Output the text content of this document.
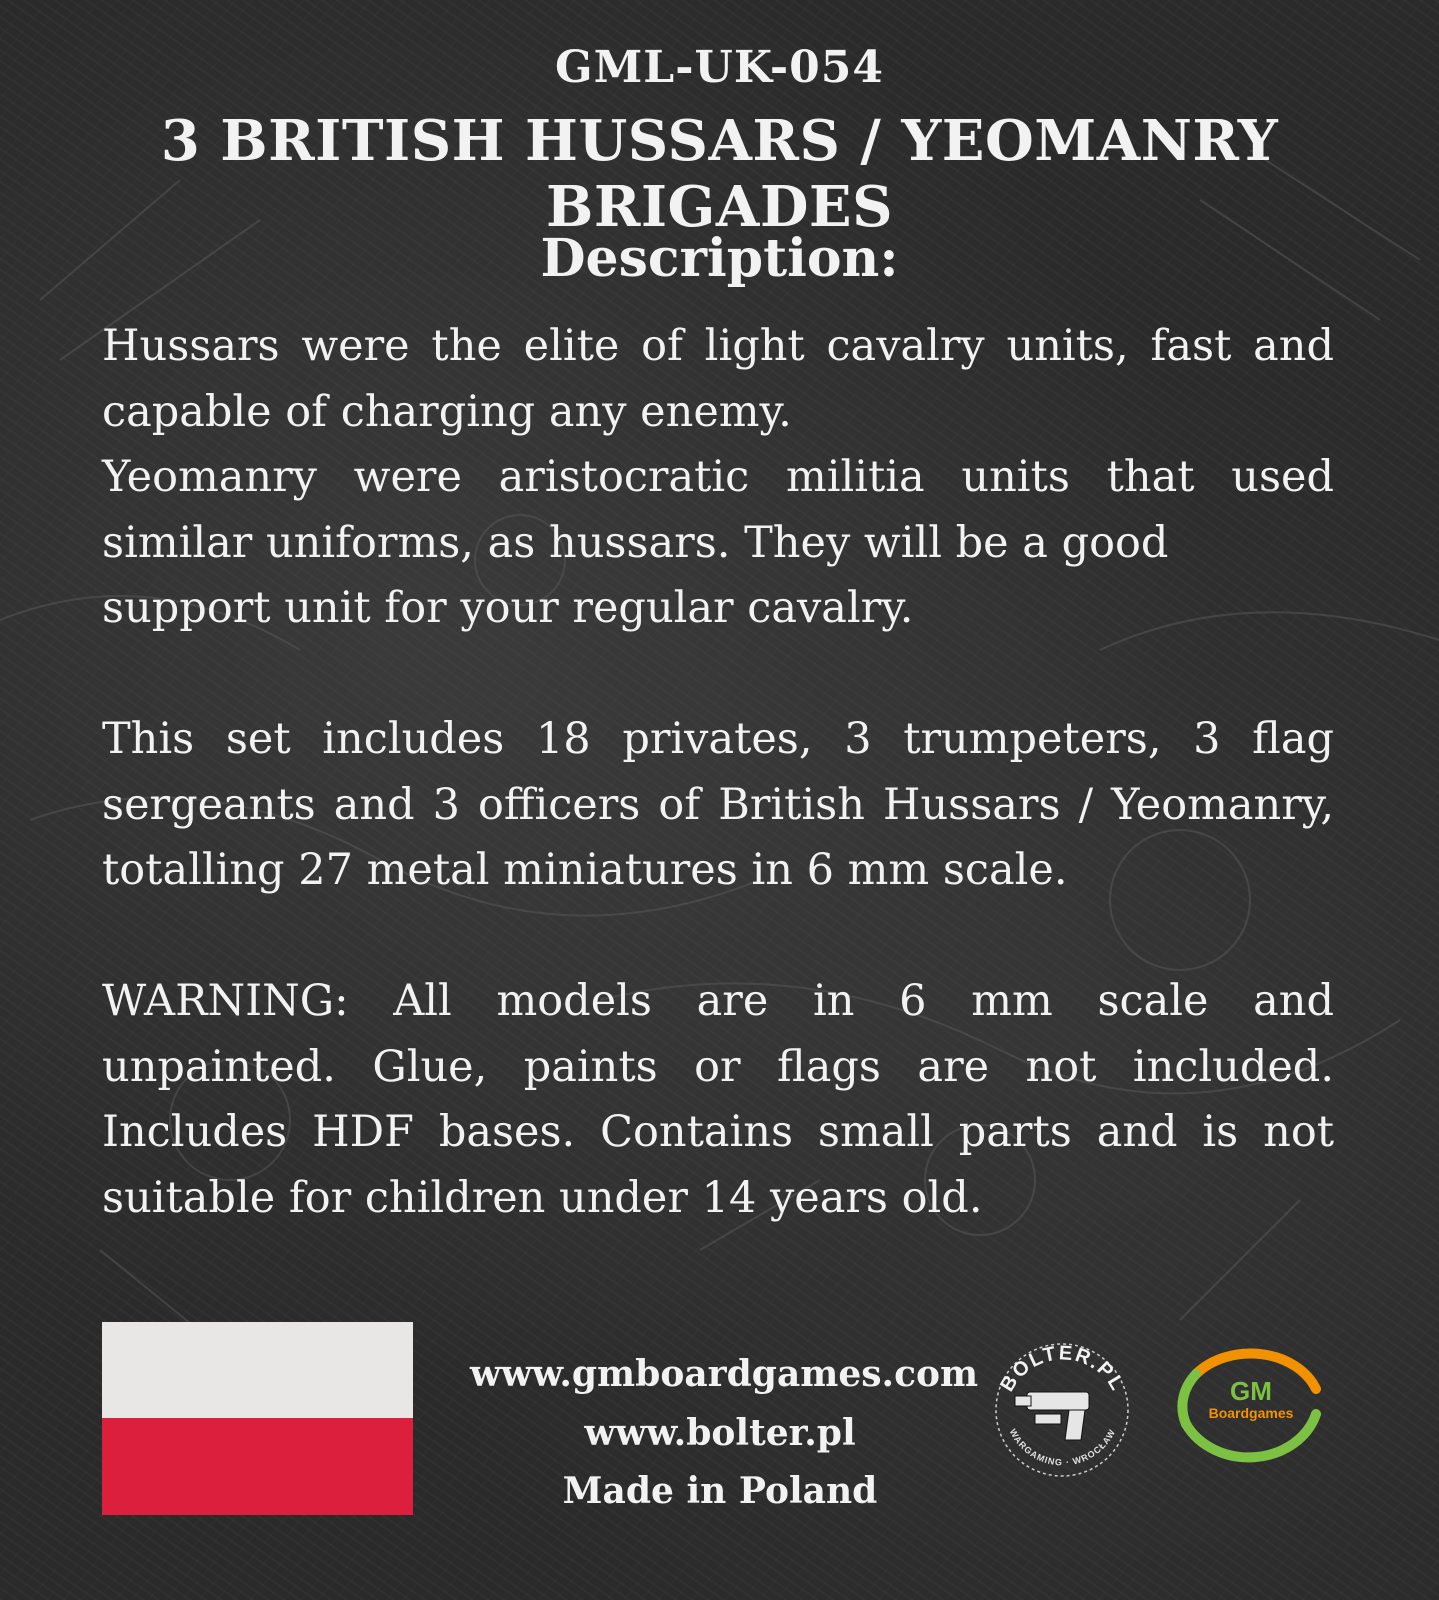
GML-UK-054
3 BRITISH HUSSARS / YEOMANRY BRIGADES
Description:
Hussars were the elite of light cavalry units, fast and
capable of charging any enemy.
Yeomanry were aristocratic militia units that used
similar uniforms, as hussars. They will be a good
support unit for your regular cavalry.
This set includes 18 privates, 3 trumpeters, 3 flag
sergeants and 3 officers of British Hussars / Yeomanry,
totalling 27 metal miniatures in 6 mm scale.
WARNING: All models are in 6 mm scale and
unpainted. Glue, paints or flags are not included.
Includes HDF bases. Contains small parts and is not
suitable for children under 14 years old.
www.gmboardgames.com
www.bolter.pl
Made in Poland
BOLTER.PL
WARGAMING · WROCŁAW
GM
Boardgames
